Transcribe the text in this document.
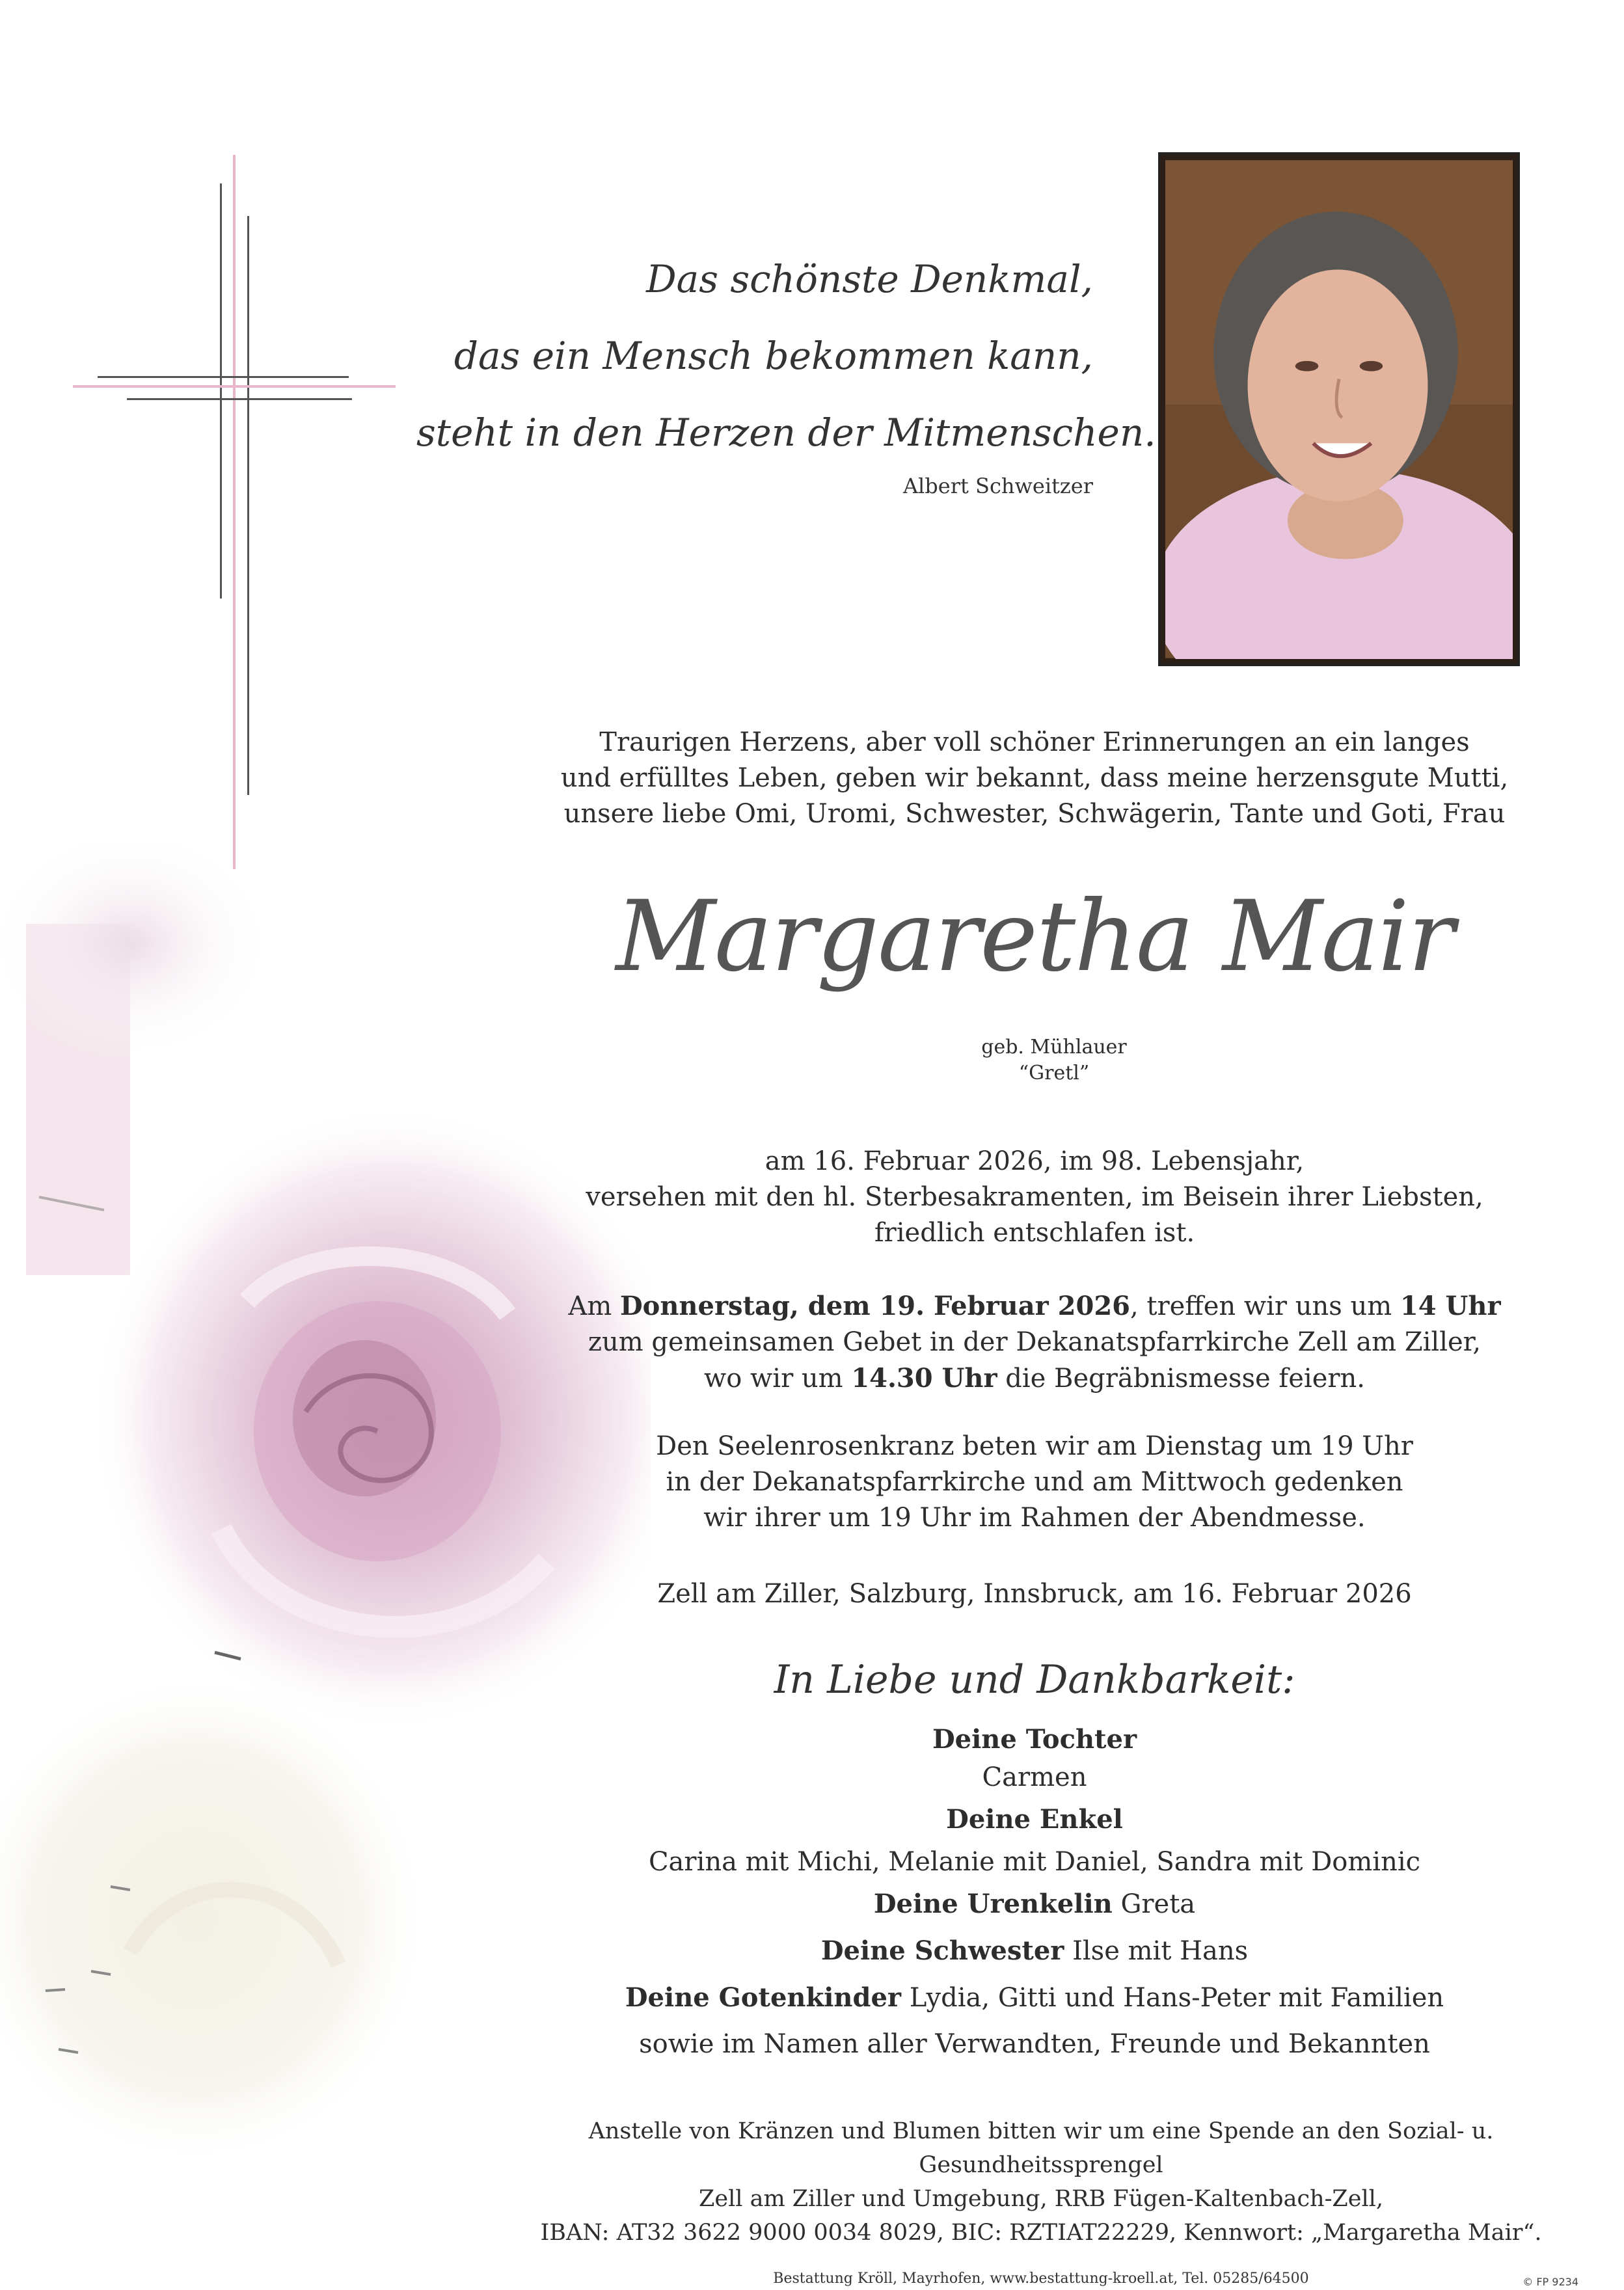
Das schönste Denkmal,
das ein Mensch bekommen kann,
steht in den Herzen der Mitmenschen.
Albert Schweitzer
Traurigen Herzens, aber voll schöner Erinnerungen an ein langes
und erfülltes Leben, geben wir bekannt, dass meine herzensgute Mutti,
unsere liebe Omi, Uromi, Schwester, Schwägerin, Tante und Goti, Frau
Margaretha Mair
geb. Mühlauer
“Gretl”
am 16. Februar 2026, im 98. Lebensjahr,
versehen mit den hl. Sterbesakramenten, im Beisein ihrer Liebsten,
friedlich entschlafen ist.
Am Donnerstag, dem 19. Februar 2026, treffen wir uns um 14 Uhr
zum gemeinsamen Gebet in der Dekanatspfarrkirche Zell am Ziller,
wo wir um 14.30 Uhr die Begräbnismesse feiern.
Den Seelenrosenkranz beten wir am Dienstag um 19 Uhr
in der Dekanatspfarrkirche und am Mittwoch gedenken
wir ihrer um 19 Uhr im Rahmen der Abendmesse.
Zell am Ziller, Salzburg, Innsbruck, am 16. Februar 2026
In Liebe und Dankbarkeit:
Deine Tochter
Carmen
Deine Enkel
Carina mit Michi, Melanie mit Daniel, Sandra mit Dominic
Deine Urenkelin Greta
Deine Schwester Ilse mit Hans
Deine Gotenkinder Lydia, Gitti und Hans-Peter mit Familien
sowie im Namen aller Verwandten, Freunde und Bekannten
Anstelle von Kränzen und Blumen bitten wir um eine Spende an den Sozial- u. Gesundheitssprengel
Zell am Ziller und Umgebung, RRB Fügen-Kaltenbach-Zell,
IBAN: AT32 3622 9000 0034 8029, BIC: RZTIAT22229, Kennwort: „Margaretha Mair“.
Bestattung Kröll, Mayrhofen, www.bestattung-kroell.at, Tel. 05285/64500	© FP 9234
